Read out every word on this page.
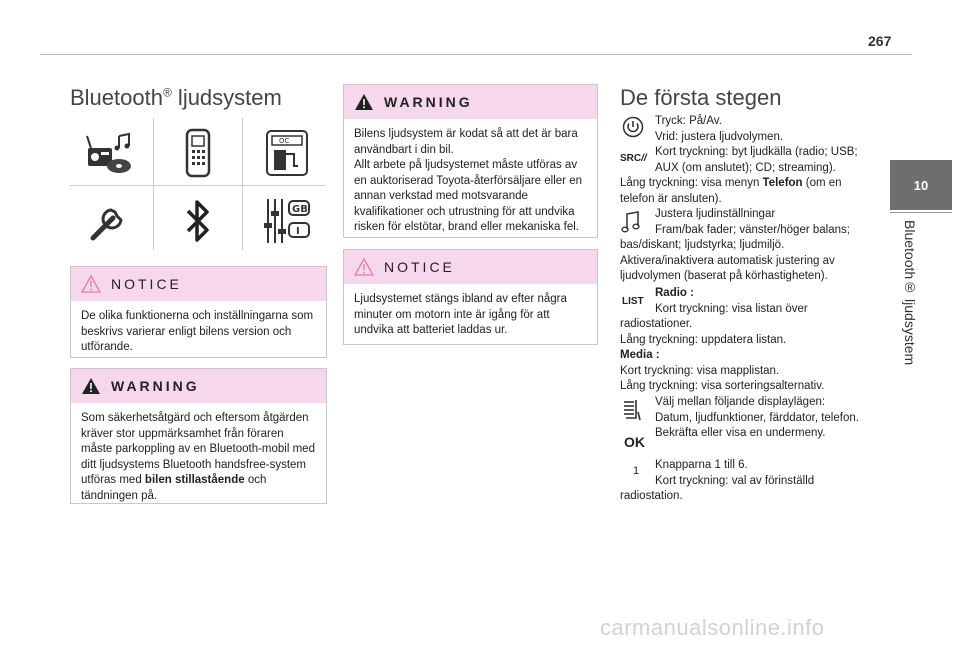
267
10
Bluetooth® ljudsystem
Bluetooth® ljudsystem
OC
GB
I
NOTICE
De olika funktionerna och inställningarna som beskrivs varierar enligt bilens version och utförande.
WARNING
Som säkerhetsåtgärd och eftersom åtgärden kräver stor uppmärksamhet från föraren måste parkoppling av en Bluetooth-mobil med ditt ljudsystems Bluetooth handsfree-system utföras med bilen stillastående och tändningen på.
WARNING
Bilens ljudsystem är kodat så att det är bara användbart i din bil.
Allt arbete på ljudsystemet måste utföras av en auktoriserad Toyota-återförsäljare eller en annan verkstad med motsvarande kvalifikationer och utrustning för att undvika risken för elstötar, brand eller mekaniska fel.
NOTICE
Ljudsystemet stängs ibland av efter några minuter om motorn inte är igång för att undvika att batteriet laddas ur.
De första stegen
Tryck: På/Av.
Vrid: justera ljudvolymen.
SRC//
Kort tryckning: byt ljudkälla (radio; USB;
AUX (om anslutet); CD; streaming).
Lång tryckning: visa menyn Telefon (om en
telefon är ansluten).
Justera ljudinställningar
Fram/bak fader; vänster/höger balans;
bas/diskant; ljudstyrka; ljudmiljö.
Aktivera/inaktivera automatisk justering av
ljudvolymen (baserat på körhastigheten).
LIST
Radio :
Kort tryckning: visa listan över
radiostationer.
Lång tryckning: uppdatera listan.
Media :
Kort tryckning: visa mapplistan.
Lång tryckning: visa sorteringsalternativ.
Välj mellan följande displaylägen:
Datum, ljudfunktioner, färddator, telefon.
OK
Bekräfta eller visa en undermeny.
1 Knapparna 1 till 6.
Kort tryckning: val av förinställd
radiostation.
carmanualsonline.info
